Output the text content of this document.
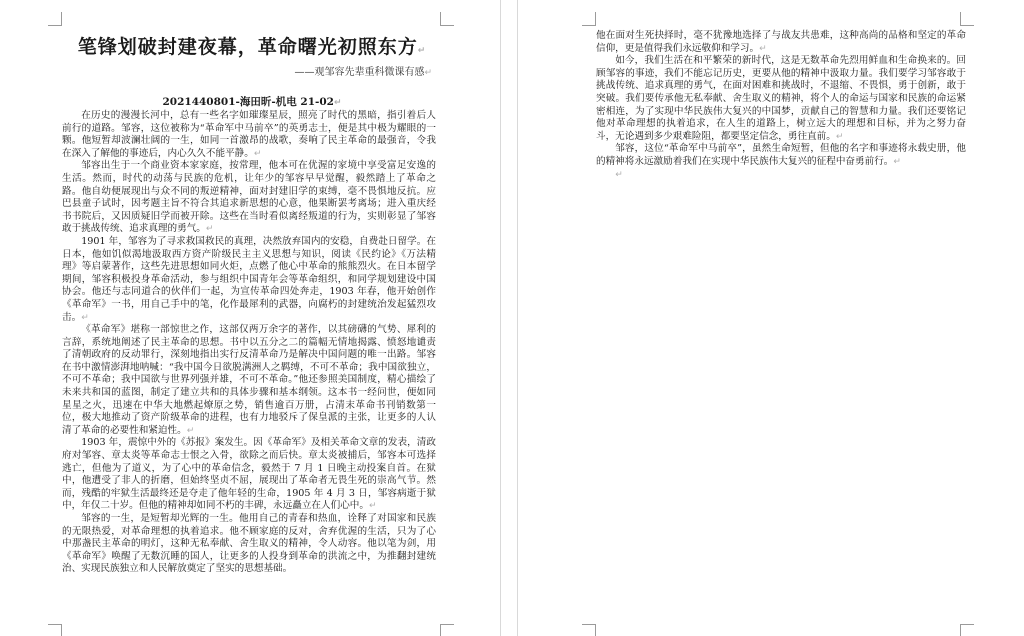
笔锋划破封建夜幕，革命曙光初照东方↵
——观邹容先辈重科微课有感↵
2021440801-海田昕-机电 21-02↵

在历史的漫漫长河中，总有一些名字如璀璨星辰，照亮了时代的黑暗，指引着后人前行的道路。邹容，这位被称为“革命军中马前卒”的英勇志士，便是其中极为耀眼的一颗。他短暂却波澜壮阔的一生，如同一首激昂的战歌，奏响了民主革命的最强音，令我在深入了解他的事迹后，内心久久不能平静。↵

邹容出生于一个商业资本家家庭，按常理，他本可在优渥的家境中享受富足安逸的生活。然而，时代的动荡与民族的危机，让年少的邹容早早觉醒，毅然踏上了革命之路。他自幼便展现出与众不同的叛逆精神，面对封建旧学的束缚，毫不畏惧地反抗。应巴县童子试时，因考题主旨不符合其追求新思想的心意，他果断罢考离场；进入重庆经书书院后，又因质疑旧学而被开除。这些在当时看似离经叛道的行为，实则彰显了邹容敢于挑战传统、追求真理的勇气。↵

1901 年，邹容为了寻求救国救民的真理，决然放弃国内的安稳，自费赴日留学。在日本，他如饥似渴地汲取西方资产阶级民主主义思想与知识，阅读《民约论》《万法精理》等启蒙著作，这些先进思想如同火炬，点燃了他心中革命的熊熊烈火。在日本留学期间，邹容积极投身革命活动，参与组织中国青年会等革命组织，和同学规划建设中国协会。他还与志同道合的伙伴们一起，为宣传革命四处奔走，1903 年春，他开始创作《革命军》一书，用自己手中的笔，化作最犀利的武器，向腐朽的封建统治发起猛烈攻击。↵

《革命军》堪称一部惊世之作，这部仅两万余字的著作，以其磅礴的气势、犀利的言辞，系统地阐述了民主革命的思想。书中以五分之二的篇幅无情地揭露、愤怒地谴责了清朝政府的反动罪行，深刻地指出实行反清革命乃是解决中国问题的唯一出路。邹容在书中激情澎湃地呐喊：“我中国今日欲脱满洲人之羁缚，不可不革命；我中国欲独立，不可不革命；我中国欲与世界列强并雄，不可不革命。”他还参照美国制度，精心描绘了未来共和国的蓝图，制定了建立共和的具体步骤和基本纲领。这本书一经问世，便如同星星之火，迅速在中华大地燃起燎原之势，销售逾百万册，占清末革命书刊销数第一位，极大地推动了资产阶级革命的进程，也有力地驳斥了保皇派的主张，让更多的人认清了革命的必要性和紧迫性。↵

1903 年，震惊中外的《苏报》案发生。因《革命军》及相关革命文章的发表，清政府对邹容、章太炎等革命志士恨之入骨，欲除之而后快。章太炎被捕后，邹容本可选择逃亡，但他为了道义，为了心中的革命信念，毅然于 7 月 1 日晚主动投案自首。在狱中，他遭受了非人的折磨，但始终坚贞不屈，展现出了革命者无畏生死的崇高气节。然而，残酷的牢狱生活最终还是夺走了他年轻的生命，1905 年 4 月 3 日，邹容病逝于狱中，年仅二十岁。但他的精神却如同不朽的丰碑，永远矗立在人们心中。↵

邹容的一生，是短暂却光辉的一生。他用自己的青春和热血，诠释了对国家和民族的无限热爱，对革命理想的执着追求。他不顾家庭的反对，舍弃优渥的生活，只为了心中那盏民主革命的明灯，这种无私奉献、舍生取义的精神，令人动容。他以笔为剑，用《革命军》唤醒了无数沉睡的国人，让更多的人投身到革命的洪流之中，为推翻封建统治、实现民族独立和人民解放奠定了坚实的思想基础。

他在面对生死抉择时，毫不犹豫地选择了与战友共患难，这种高尚的品格和坚定的革命信仰，更是值得我们永远敬仰和学习。↵

如今，我们生活在和平繁荣的新时代，这是无数革命先烈用鲜血和生命换来的。回顾邹容的事迹，我们不能忘记历史，更要从他的精神中汲取力量。我们要学习邹容敢于挑战传统、追求真理的勇气，在面对困难和挑战时，不退缩、不畏惧，勇于创新，敢于突破。我们要传承他无私奉献、舍生取义的精神，将个人的命运与国家和民族的命运紧密相连，为了实现中华民族伟大复兴的中国梦，贡献自己的智慧和力量。我们还要铭记他对革命理想的执着追求，在人生的道路上，树立远大的理想和目标，并为之努力奋斗，无论遇到多少艰难险阻，都要坚定信念，勇往直前。↵

邹容，这位“革命军中马前卒”，虽然生命短暂，但他的名字和事迹将永载史册，他的精神将永远激励着我们在实现中华民族伟大复兴的征程中奋勇前行。↵

↵
